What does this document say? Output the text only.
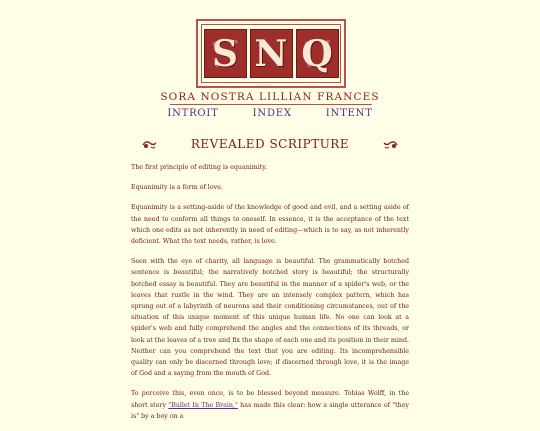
S N Q
SORA NOSTRA LILLIAN FRANCES
INTROIT	INDEX	INTENT
REVEALED SCRIPTURE

The first principle of editing is equanimity.

Equanimity is a form of love.

Equanimity is a setting-aside of the knowledge of good and evil, and a setting aside of the need to conform all things to oneself. In essence, it is the acceptance of the text which one edits as not inherently in need of editing—which is to say, as not inherently deficient. What the text needs, rather, is love.

Seen with the eye of charity, all language is beautiful. The grammatically botched sentence is beautiful; the narratively botched story is beautiful; the structurally botched essay is beautiful. They are beautiful in the manner of a spider's web, or the leaves that rustle in the wind. They are an intensely complex pattern, which has sprung out of a labyrinth of neurons and their conditioning circumstances, out of the situation of this unique moment of this unique human life. No one can look at a spider's web and fully comprehend the angles and the connections of its threads, or look at the leaves of a tree and fix the shape of each one and its position in their mind. Neither can you comprehend the text that you are editing. Its incomprehensible quality can only be discerned through love; if discerned through love, it is the image of God and a saying from the mouth of God.

To perceive this, even once, is to be blessed beyond measure. Tobias Wolff, in the short story "Bullet In The Brain," has made this clear: how a single utterance of "they is" by a boy on a
